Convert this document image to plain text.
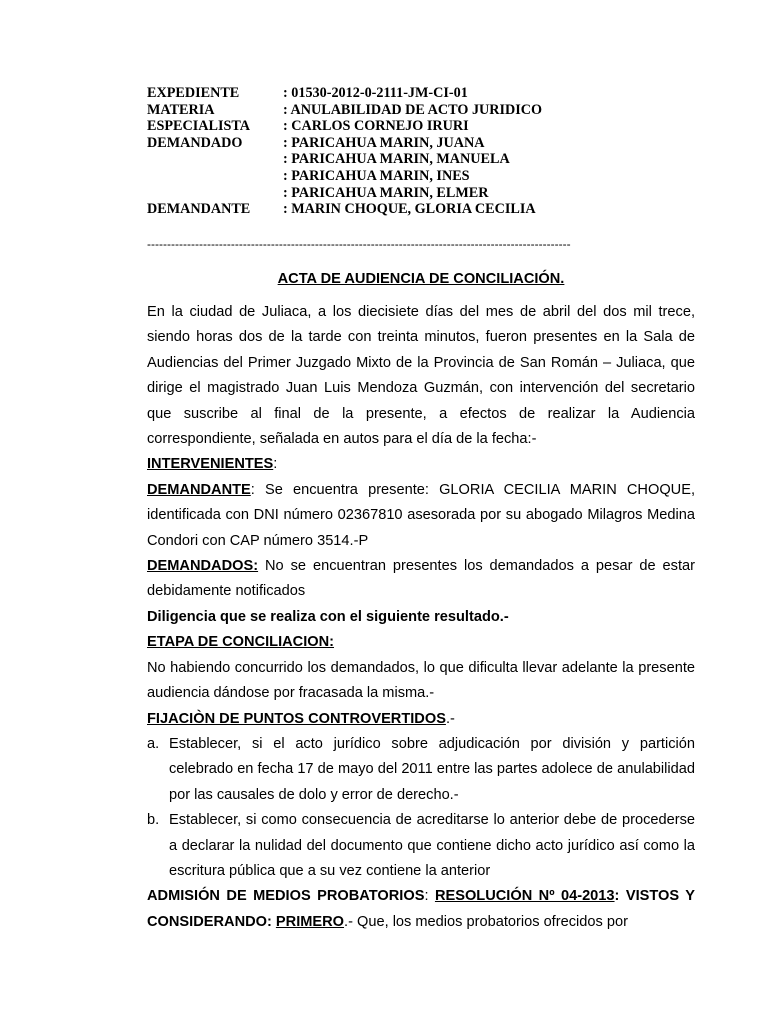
EXPEDIENTE	: 01530-2012-0-2111-JM-CI-01
MATERIA	: ANULABILIDAD DE ACTO JURIDICO
ESPECIALISTA	: CARLOS CORNEJO IRURI
DEMANDADO	: PARICAHUA MARIN, JUANA
: PARICAHUA MARIN, MANUELA
: PARICAHUA MARIN, INES
: PARICAHUA MARIN, ELMER
DEMANDANTE	: MARIN CHOQUE, GLORIA CECILIA
----------------------------------------------------------------------------------------------------------
ACTA DE AUDIENCIA DE CONCILIACIÓN.

En la ciudad de Juliaca, a los diecisiete días del mes de abril del dos mil trece, siendo horas dos de la tarde con treinta minutos, fueron presentes en la Sala de Audiencias del Primer Juzgado Mixto de la Provincia de San Román – Juliaca, que dirige el magistrado Juan Luis Mendoza Guzmán, con intervención del secretario que suscribe al final de la presente, a efectos de realizar la Audiencia correspondiente, señalada en autos para el día de la fecha:-

INTERVENIENTES:

DEMANDANTE: Se encuentra presente: GLORIA CECILIA MARIN CHOQUE, identificada con DNI número 02367810 asesorada por su abogado Milagros Medina Condori con CAP número 3514.-P

DEMANDADOS: No se encuentran presentes los demandados a pesar de estar debidamente notificados

Diligencia que se realiza con el siguiente resultado.-

ETAPA DE CONCILIACION:

No habiendo concurrido los demandados, lo que dificulta llevar adelante la presente audiencia dándose por fracasada la misma.-

FIJACIÒN DE PUNTOS CONTROVERTIDOS.-

a. Establecer, si el acto jurídico sobre adjudicación por división y partición celebrado en fecha 17 de mayo del 2011 entre las partes adolece de anulabilidad por las causales de dolo y error de derecho.-
b. Establecer, si como consecuencia de acreditarse lo anterior debe de procederse a declarar la nulidad del documento que contiene dicho acto jurídico así como la escritura pública que a su vez contiene la anterior

ADMISIÓN DE MEDIOS PROBATORIOS: RESOLUCIÓN Nº 04-2013: VISTOS Y CONSIDERANDO: PRIMERO.- Que, los medios probatorios ofrecidos por
